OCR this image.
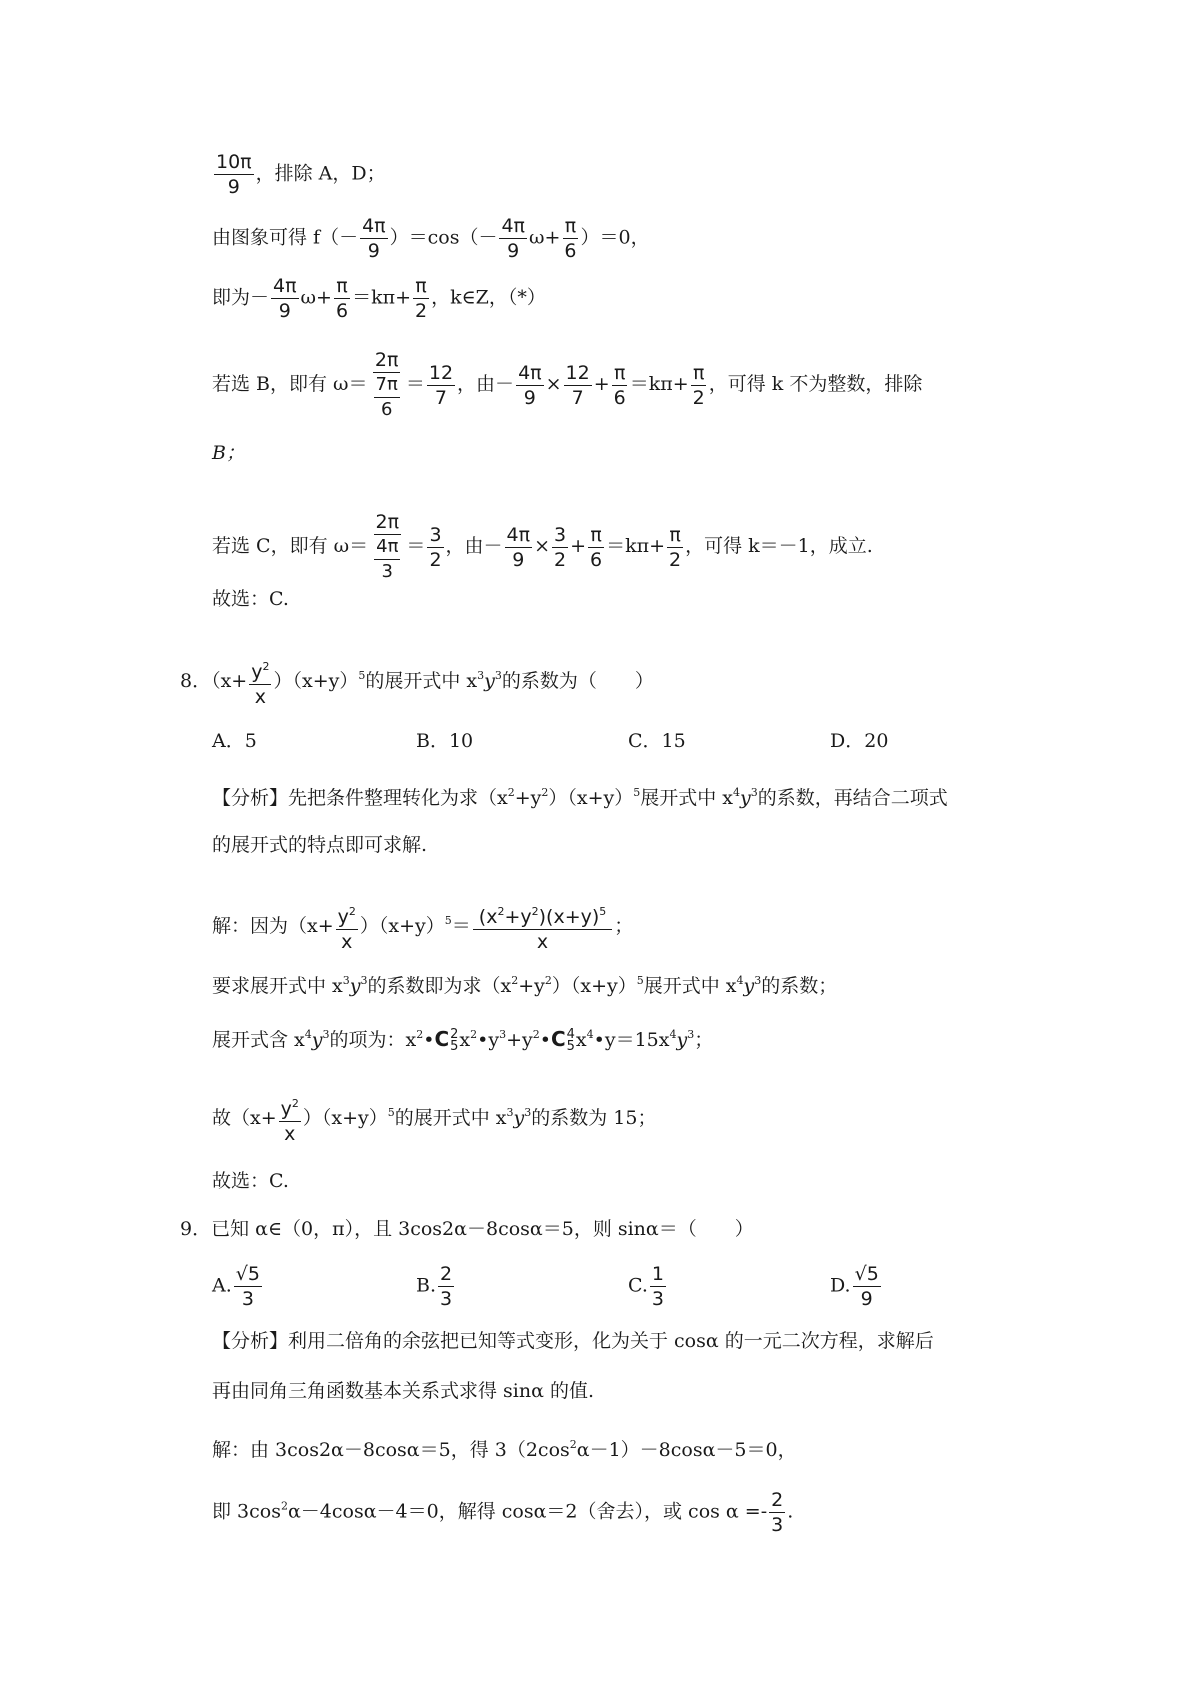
$\frac{10\pi}{9}$ ，排除 A，D；
由图象可得 $f(- \frac{4\pi}{9} )=\cos(- \frac{4\pi}{9} \omega+ \frac{\pi}{6} )=0$，
即为－ $\frac{4\pi}{9} \omega+ \frac{\pi}{6} =k\pi+ \frac{\pi}{2}$ ，k∈Z，（*）
若选 B，即有 $\omega= \frac{2\pi}{\frac{7\pi}{6}} = \frac{12}{7}$ ，由－ $\frac{4\pi}{9} \times \frac{12}{7} + \frac{\pi}{6} =k\pi+ \frac{\pi}{2}$ ，可得 k 不为整数，排除
B；
若选 C，即有 $\omega= \frac{2\pi}{\frac{4\pi}{3}} = \frac{3}{2}$ ，由－ $\frac{4\pi}{9} \times \frac{3}{2} + \frac{\pi}{6} =k\pi+ \frac{\pi}{2}$ ，可得 k＝－1，成立.
故选：C.
8．$(x+ \frac{y^2}{x} )(x+y)^5$的展开式中 $x^3y^3$的系数为（　　）
A．5	B．10	C．15	D．20
【分析】先把条件整理转化为求$(x^2+y^2)(x+y)^5$展开式中 $x^4y^3$的系数，再结合二项式
的展开式的特点即可求解.
解：因为$(x+ \frac{y^2}{x} )(x+y)^5= \frac{(x^2+y^2)(x+y)^5}{x}$ ；
要求展开式中 $x^3y^3$的系数即为求$(x^2+y^2)(x+y)^5$展开式中 $x^4y^3$的系数；
展开式含 $x^4y^3$的项为：$x^2•C$ 2
5 $x^2•y^3+y^2•C$ 4
5 $x^4•y=15x^4y^3$；
故$(x+ \frac{y^2}{x} )(x+y)^5$的展开式中 $x^3y^3$的系数为 15；
故选：C.
9．已知 α∈（0，π），且 3cos2α－8cosα＝5，则 sinα＝（　　）
A. $\frac{√5}{3}$	B. $\frac{2}{3}$	C. $\frac{1}{3}$	D. $\frac{√5}{9}$
【分析】利用二倍角的余弦把已知等式变形，化为关于 cosα 的一元二次方程，求解后
再由同角三角函数基本关系式求得 sinα 的值.
解：由 3cos2α－8cosα＝5，得 $3(2\cos^2\alpha-1)-8\cos\alpha-5=0$，
即 $3\cos^2\alpha-4\cos\alpha-4=0$，解得 cosα＝2（舍去），或 $\cos \alpha =- \frac{2}{3}$ .
